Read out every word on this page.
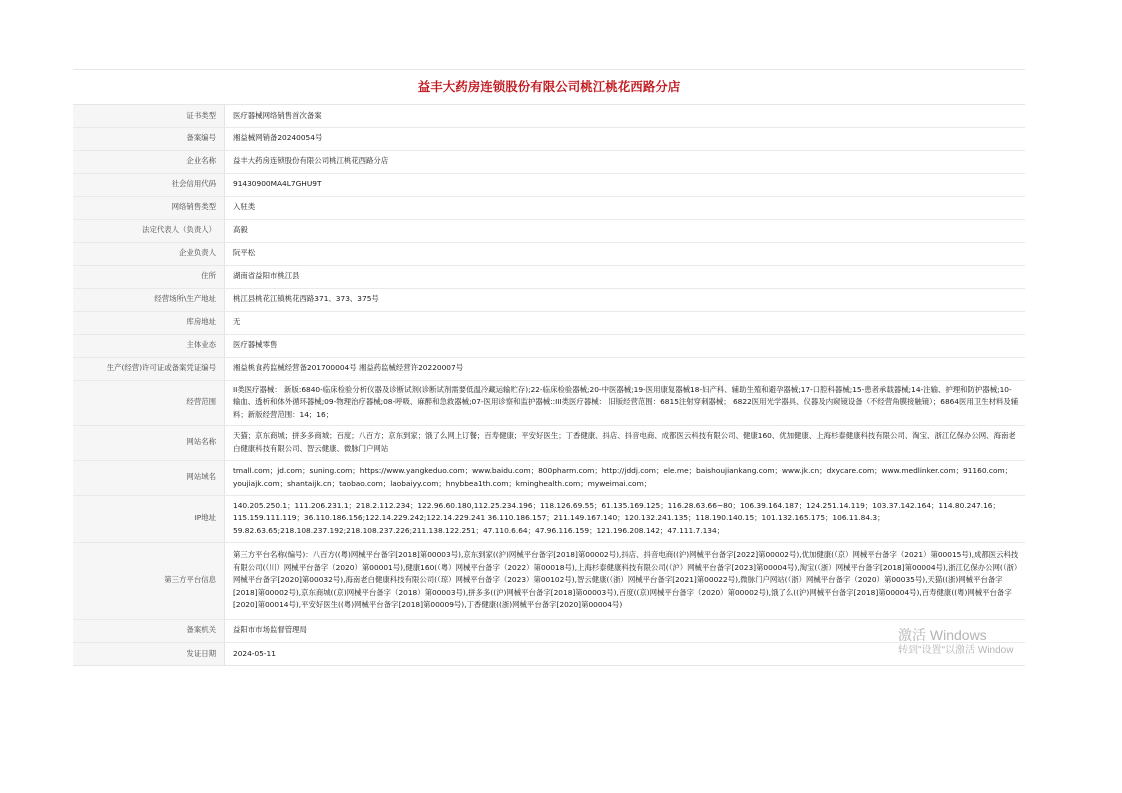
益丰大药房连锁股份有限公司桃江桃花西路分店
证书类型	医疗器械网络销售首次备案
备案编号	湘益械网销备20240054号
企业名称	益丰大药房连锁股份有限公司桃江桃花西路分店
社会信用代码	91430900MA4L7GHU9T
网络销售类型	入驻类
法定代表人（负责人）	高毅
企业负责人	阮平松
住所	湖南省益阳市桃江县
经营场所\生产地址	桃江县桃花江镇桃花西路371、373、375号
库房地址	无
主体业态	医疗器械零售
生产(经营)许可证或备案凭证编号	湘益桃食药监械经营备201700004号 湘益药监械经营许20220007号
经营范围	II类医疗器械： 新版:6840-临床检验分析仪器及诊断试剂(诊断试剂需要低温冷藏运输贮存);22-临床检验器械;20-中医器械;19-医用康复器械18-妇产科、辅助生殖和避孕器械;17-口腔科器械;15-患者承载器械;14-注输、护理和防护器械;10-输血、透析和体外循环器械;09-物理治疗器械;08-呼吸、麻醉和急救器械;07-医用诊察和监护器械::III类医疗器械： 旧版经营范围：6815注射穿刺器械； 6822医用光学器具、仪器及内窥镜设备（不经营角膜接触镜）；6864医用卫生材料及辅料；新版经营范围：14；16；
网站名称	天猫；京东商城；拼多多商城；百度；八百方；京东到家；饿了么网上订餐；百寿健康；平安好医生；丁香健康、抖店、抖音电商、成都医云科技有限公司、健康160、优加健康、上海杉泰健康科技有限公司、淘宝、浙江亿保办公网、海南老白健康科技有限公司、智云健康、微脉门户网站
网站域名	tmall.com；jd.com；suning.com；https://www.yangkeduo.com；www.baidu.com；800pharm.com；http://jddj.com；ele.me；baishoujiankang.com；www.jk.cn；dxycare.com；www.medlinker.com；91160.com；youjiajk.com；shantaijk.cn；taobao.com；laobaiyy.com；hnybbea1th.com；kminghealth.com；myweimai.com；
IP地址	140.205.250.1；111.206.231.1；218.2.112.234；122.96.60.180,112.25.234.196；118.126.69.55；61.135.169.125；116.28.63.66~80；106.39.164.187；124.251.14.119；103.37.142.164；114.80.247.16；115.159.111.119；36.110.186.156;122.14.229.242;122.14.229.241 36.110.186.157；211.149.167.140；120.132.241.135；118.190.140.15；101.132.165.175；106.11.84.3；59.82.63.65;218.108.237.192;218.108.237.226;211.138.122.251；47.110.6.64；47.96.116.159；121.196.208.142；47.111.7.134；
第三方平台信息	第三方平台名称(编号)：八百方((粤)网械平台备字[2018]第00003号),京东到家((沪)网械平台备字[2018]第00002号),抖店、抖音电商((沪)网械平台备字[2022]第00002号),优加健康(（京）网械平台备字（2021）第00015号),成都医云科技有限公司(（川）网械平台备字（2020）第00001号),健康160(（粤）网械平台备字（2022）第00018号),上海杉泰健康科技有限公司(（沪）网械平台备字[2023]第00004号),淘宝(（浙）网械平台备字[2018]第00004号),浙江亿保办公网(（浙）网械平台备字[2020]第00032号),海南老白健康科技有限公司(（琼）网械平台备字（2023）第00102号),智云健康(（浙）网械平台备字[2021]第00022号),微脉门户网站(（浙）网械平台备字（2020）第00035号),天猫((浙)网械平台备字[2018]第00002号),京东商城((京)网械平台备字（2018）第00003号),拼多多((沪)网械平台备字[2018]第00003号),百度((京)网械平台备字（2020）第00002号),饿了么((沪)网械平台备字[2018]第00004号),百寿健康((粤)网械平台备字[2020]第00014号),平安好医生((粤)网械平台备字[2018]第00009号),丁香健康((浙)网械平台备字[2020]第00004号)
备案机关	益阳市市场监督管理局
发证日期	2024-05-11
激活 Windows
转到"设置"以激活 Window
